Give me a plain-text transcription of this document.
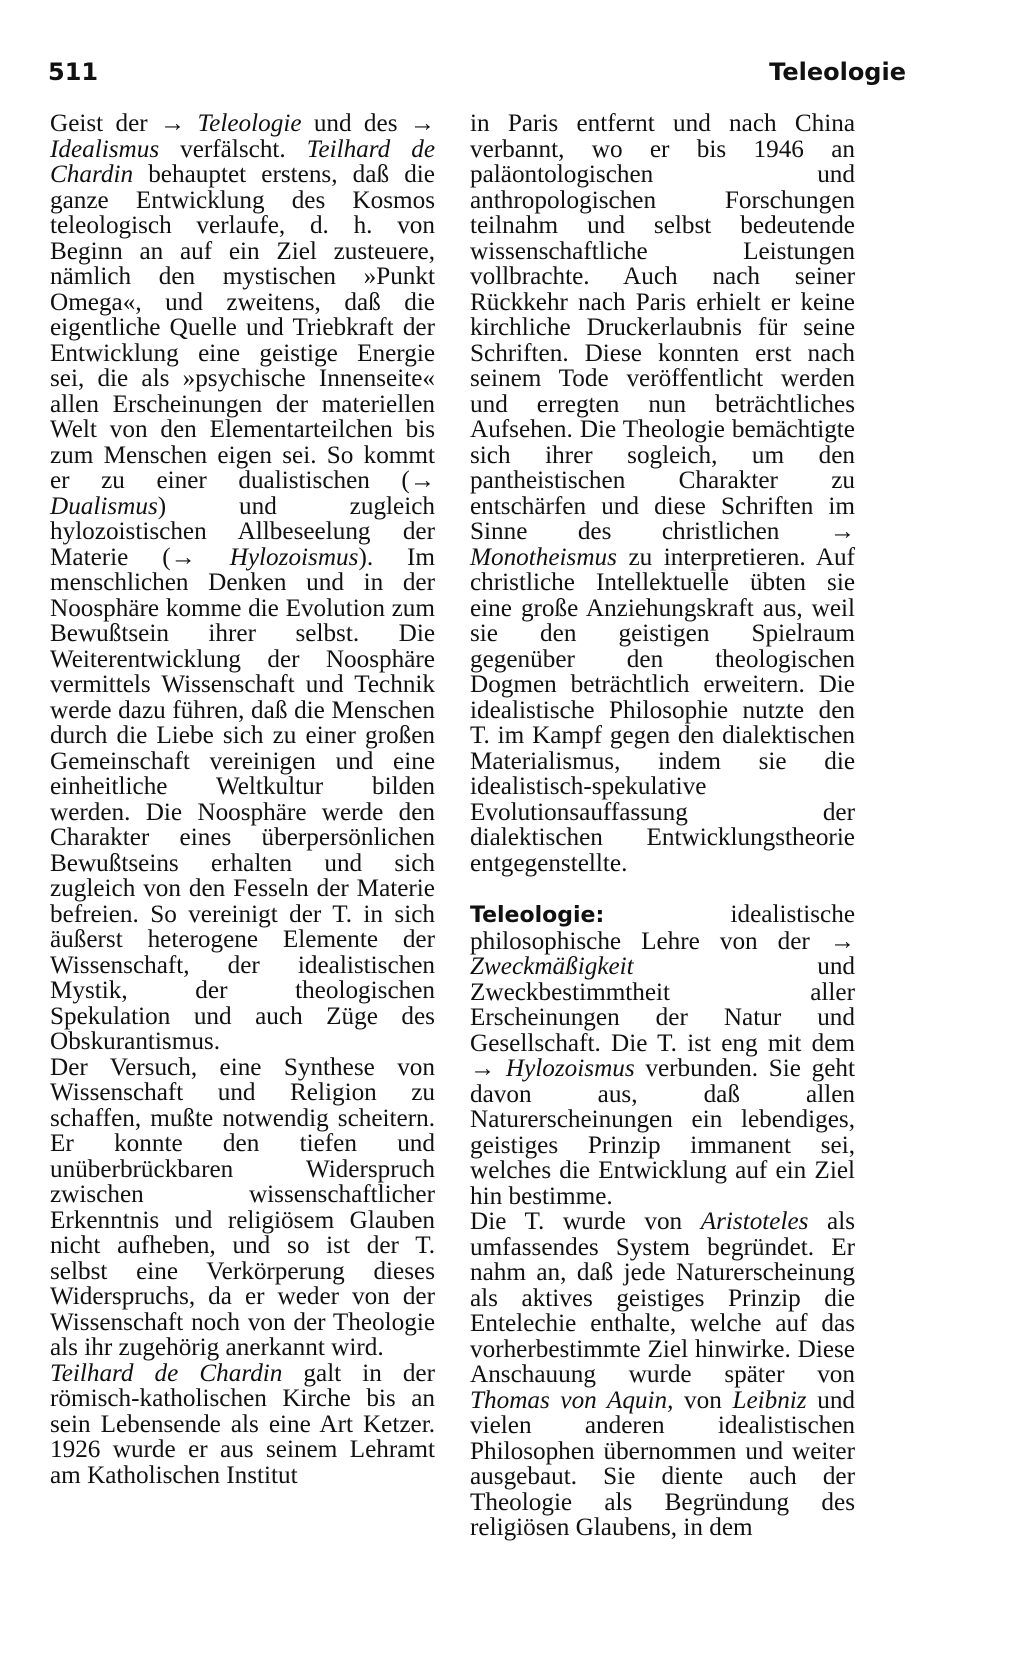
511	Teleologie

Geist der → Teleologie und des → Idealismus verfälscht. Teilhard de Chardin behauptet erstens, daß die ganze Entwicklung des Kosmos teleologisch verlaufe, d. h. von Beginn an auf ein Ziel zusteuere, nämlich den mystischen »Punkt Omega«, und zweitens, daß die eigentliche Quelle und Triebkraft der Entwicklung eine geistige Energie sei, die als »psychische Innenseite« allen Erscheinungen der materiellen Welt von den Elementarteilchen bis zum Menschen eigen sei. So kommt er zu einer dualistischen (→ Dualismus) und zugleich hylozoistischen Allbeseelung der Materie (→ Hylozoismus). Im menschlichen Denken und in der Noosphäre komme die Evolution zum Bewußtsein ihrer selbst. Die Weiterentwicklung der Noosphäre vermittels Wissenschaft und Technik werde dazu führen, daß die Menschen durch die Liebe sich zu einer großen Gemeinschaft vereinigen und eine einheitliche Weltkultur bilden werden. Die Noosphäre werde den Charakter eines überpersönlichen Bewußtseins erhalten und sich zugleich von den Fesseln der Materie befreien. So vereinigt der T. in sich äußerst heterogene Elemente der Wissenschaft, der idealistischen Mystik, der theologischen Spekulation und auch Züge des Obskurantismus.

Der Versuch, eine Synthese von Wissenschaft und Religion zu schaffen, mußte notwendig scheitern. Er konnte den tiefen und unüberbrückbaren Widerspruch zwischen wissenschaftlicher Erkenntnis und religiösem Glauben nicht aufheben, und so ist der T. selbst eine Verkörperung dieses Widerspruchs, da er weder von der Wissenschaft noch von der Theologie als ihr zugehörig anerkannt wird.

Teilhard de Chardin galt in der römisch-katholischen Kirche bis an sein Lebensende als eine Art Ketzer. 1926 wurde er aus seinem Lehramt am Katholischen Institut

in Paris entfernt und nach China verbannt, wo er bis 1946 an paläontologischen und anthropologischen Forschungen teilnahm und selbst bedeutende wissenschaftliche Leistungen vollbrachte. Auch nach seiner Rückkehr nach Paris erhielt er keine kirchliche Druckerlaubnis für seine Schriften. Diese konnten erst nach seinem Tode veröffentlicht werden und erregten nun beträchtliches Aufsehen. Die Theologie bemächtigte sich ihrer sogleich, um den pantheistischen Charakter zu entschärfen und diese Schriften im Sinne des christlichen → Monotheismus zu interpretieren. Auf christliche Intellektuelle übten sie eine große Anziehungskraft aus, weil sie den geistigen Spielraum gegenüber den theologischen Dogmen beträchtlich erweitern. Die idealistische Philosophie nutzte den T. im Kampf gegen den dialektischen Materialismus, indem sie die idealistisch-spekulative Evolutionsauffassung der dialektischen Entwicklungstheorie entgegenstellte.

Teleologie: idealistische philosophische Lehre von der → Zweckmäßigkeit und Zweckbestimmtheit aller Erscheinungen der Natur und Gesellschaft. Die T. ist eng mit dem → Hylozoismus verbunden. Sie geht davon aus, daß allen Naturerscheinungen ein lebendiges, geistiges Prinzip immanent sei, welches die Entwicklung auf ein Ziel hin bestimme.

Die T. wurde von Aristoteles als umfassendes System begründet. Er nahm an, daß jede Naturerscheinung als aktives geistiges Prinzip die Entelechie enthalte, welche auf das vorherbestimmte Ziel hinwirke. Diese Anschauung wurde später von Thomas von Aquin, von Leibniz und vielen anderen idealistischen Philosophen übernommen und weiter ausgebaut. Sie diente auch der Theologie als Begründung des religiösen Glaubens, in dem
